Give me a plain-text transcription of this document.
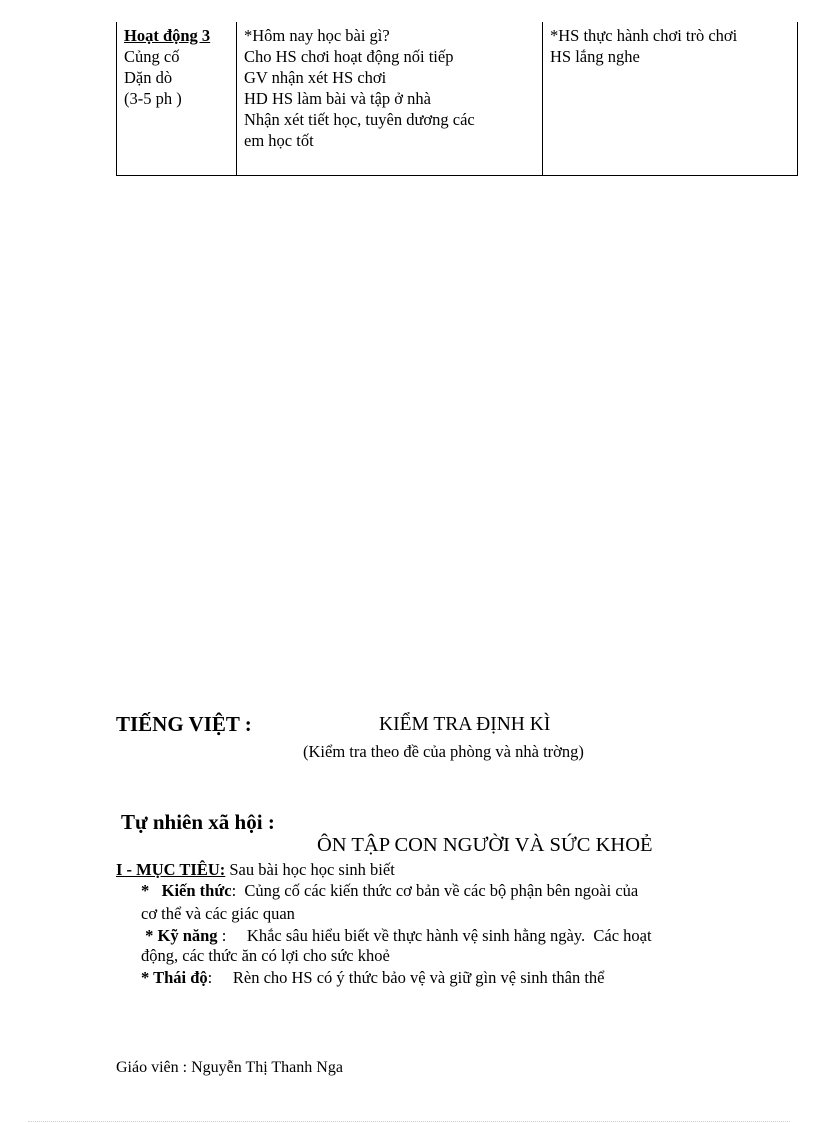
Hoạt động 3
Củng cố
Dặn dò
(3-5 ph )

*Hôm nay học bài gì?
Cho HS chơi hoạt động nối tiếp
GV nhận xét HS chơi
HD HS làm bài và tập ở nhà
Nhận xét tiết học, tuyên dương các
em học tốt

*HS thực hành chơi trò chơi
HS lắng nghe
TIẾNG VIỆT :	KIỂM TRA ĐỊNH KÌ
(Kiểm tra theo đề của phòng và nhà trờng)
Tự nhiên xã hội :
ÔN TẬP CON NGƯỜI VÀ SỨC KHOẺ
I - MỤC TIÊU: Sau bài học học sinh biết
*   Kiến thức:  Củng cố các kiến thức cơ bản về các bộ phận bên ngoài của
cơ thể và các giác quan
* Kỹ năng :     Khắc sâu hiểu biết về thực hành vệ sinh hằng ngày.  Các hoạt
động, các thức ăn có lợi cho sức khoẻ
* Thái độ:     Rèn cho HS có ý thức bảo vệ và giữ gìn vệ sinh thân thể
Giáo viên : Nguyễn Thị Thanh Nga
